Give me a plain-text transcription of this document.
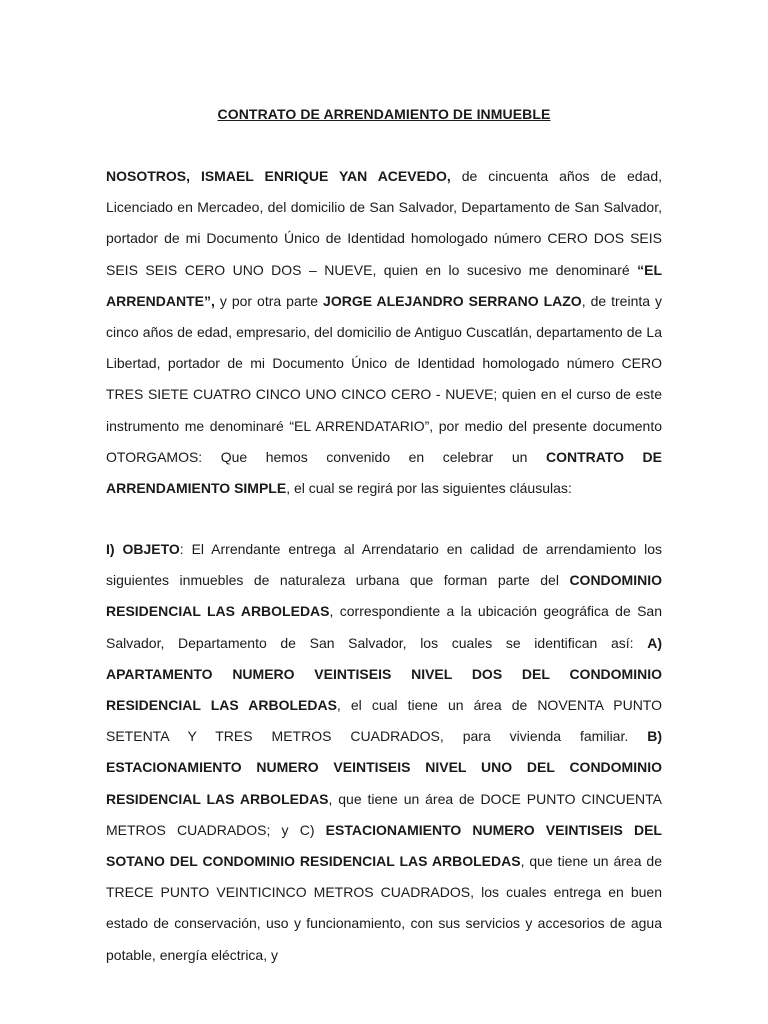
CONTRATO DE ARRENDAMIENTO DE INMUEBLE
NOSOTROS, ISMAEL ENRIQUE YAN ACEVEDO, de cincuenta años de edad, Licenciado en Mercadeo, del domicilio de San Salvador, Departamento de San Salvador, portador de mi Documento Único de Identidad homologado número CERO DOS SEIS SEIS SEIS CERO UNO DOS – NUEVE, quien en lo sucesivo me denominaré “EL ARRENDANTE”, y por otra parte JORGE ALEJANDRO SERRANO LAZO, de treinta y cinco años de edad, empresario, del domicilio de Antiguo Cuscatlán, departamento de La Libertad, portador de mi Documento Único de Identidad homologado número CERO TRES SIETE CUATRO CINCO UNO CINCO CERO - NUEVE; quien en el curso de este instrumento me denominaré “EL ARRENDATARIO”, por medio del presente documento OTORGAMOS: Que hemos convenido en celebrar un CONTRATO DE ARRENDAMIENTO SIMPLE, el cual se regirá por las siguientes cláusulas:
I) OBJETO: El Arrendante entrega al Arrendatario en calidad de arrendamiento los siguientes inmuebles de naturaleza urbana que forman parte del CONDOMINIO RESIDENCIAL LAS ARBOLEDAS, correspondiente a la ubicación geográfica de San Salvador, Departamento de San Salvador, los cuales se identifican así: A) APARTAMENTO NUMERO VEINTISEIS NIVEL DOS DEL CONDOMINIO RESIDENCIAL LAS ARBOLEDAS, el cual tiene un área de NOVENTA PUNTO SETENTA Y TRES METROS CUADRADOS, para vivienda familiar. B) ESTACIONAMIENTO NUMERO VEINTISEIS NIVEL UNO DEL CONDOMINIO RESIDENCIAL LAS ARBOLEDAS, que tiene un área de DOCE PUNTO CINCUENTA METROS CUADRADOS; y C) ESTACIONAMIENTO NUMERO VEINTISEIS DEL SOTANO DEL CONDOMINIO RESIDENCIAL LAS ARBOLEDAS, que tiene un área de TRECE PUNTO VEINTICINCO METROS CUADRADOS, los cuales entrega en buen estado de conservación, uso y funcionamiento, con sus servicios y accesorios de agua potable, energía eléctrica, y
